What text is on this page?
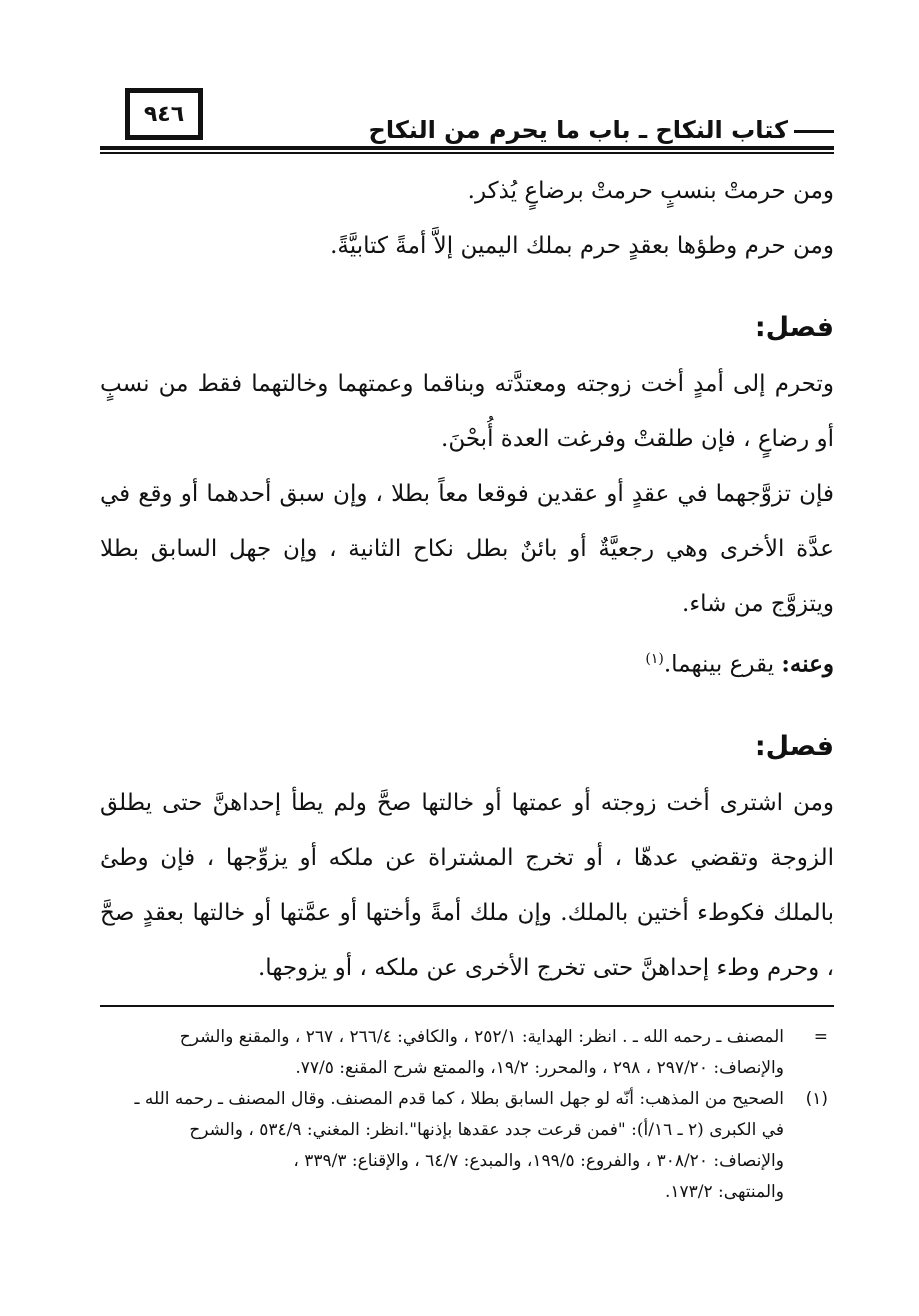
٩٤٦
كتاب النكاح ـ باب ما يحرم من النكاح

ومن حرمتْ بنسبٍ حرمتْ برضاعٍ يُذكر.

ومن حرم وطؤها بعقدٍ حرم بملك اليمين إلاَّ أمةً كتابيَّةً.

فصل:

وتحرم إلى أمدٍ أخت زوجته ومعتدَّته وبناقما وعمتهما وخالتهما فقط من نسبٍ أو رضاعٍ ، فإن طلقتْ وفرغت العدة أُبحْنَ.

فإن تزوَّجهما في عقدٍ أو عقدين فوقعا معاً بطلا ، وإن سبق أحدهما أو وقع في عدَّة الأخرى وهي رجعيَّةٌ أو بائنٌ بطل نكاح الثانية ، وإن جهل السابق بطلا ويتزوَّج من شاء.

وعنه: يقرع بينهما.$^{(١)}$

فصل:

ومن اشترى أخت زوجته أو عمتها أو خالتها صحَّ ولم يطأ إحداهنَّ حتى يطلق الزوجة وتقضي عدهّا ، أو تخرج المشتراة عن ملكه أو يزوِّجها ، فإن وطئ بالملك فكوطء أختين بالملك. وإن ملك أمةً وأختها أو عمَّتها أو خالتها بعقدٍ صحَّ ، وحرم وطء إحداهنَّ حتى تخرج الأخرى عن ملكه ، أو يزوجها.

=

المصنف ـ رحمه الله ـ . انظر: الهداية: ٢٥٢/١ ، والكافي: ٢٦٦/٤ ، ٢٦٧ ، والمقنع والشرح

والإنصاف: ٢٩٧/٢٠ ، ٢٩٨ ، والمحرر: ١٩/٢، والممتع شرح المقنع: ٧٧/٥.

(١)

الصحيح من المذهب: أنّه لو جهل السابق بطلا ، كما قدم المصنف. وقال المصنف ـ رحمه الله ـ

في الكبرى (٢ ـ ١٦/أ): "فمن قرعت جدد عقدها بإذنها".انظر: المغني: ٥٣٤/٩ ، والشرح

والإنصاف: ٣٠٨/٢٠ ، والفروع: ١٩٩/٥، والمبدع: ٦٤/٧ ، والإقناع: ٣٣٩/٣ ،

والمنتهى: ١٧٣/٢.
